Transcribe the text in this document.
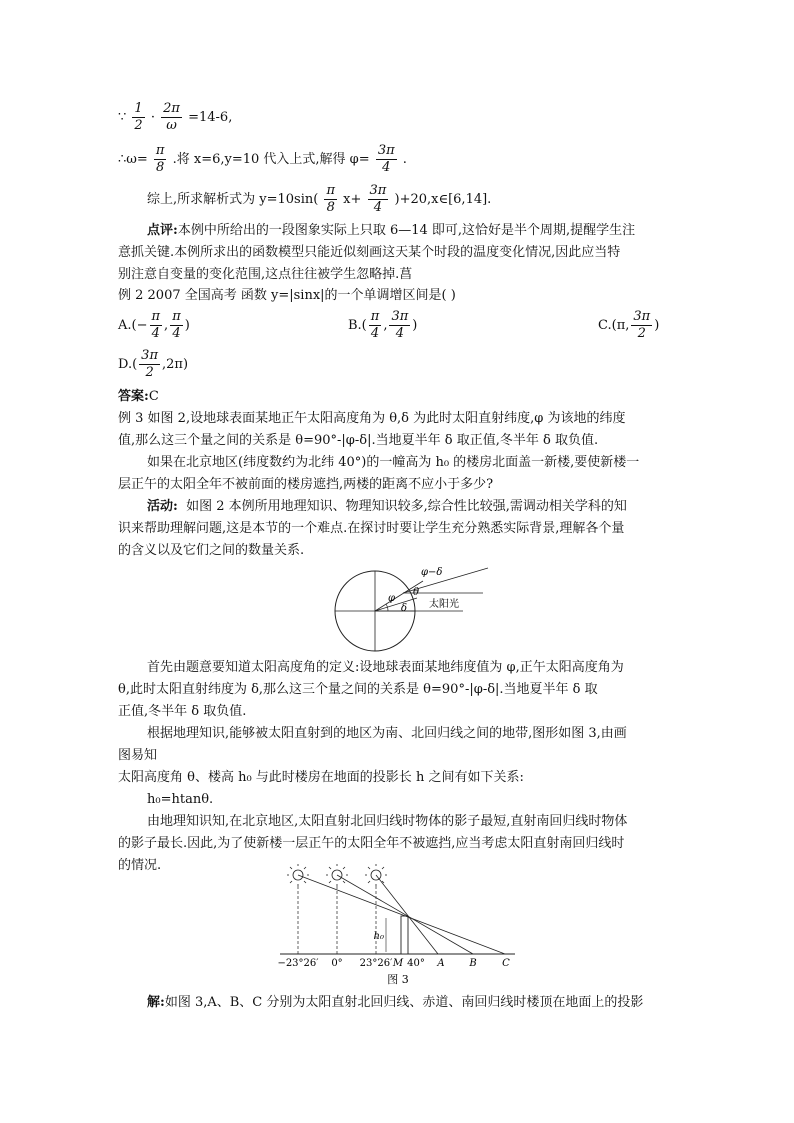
∵ $\frac{1}{2} \cdot \frac{2\pi}{\omega} =14-6$,
∴ω= $\frac{\pi}{8}$ .将 x=6,y=10 代入上式,解得 $\varphi= \frac{3\pi}{4}$ .
综上,所求解析式为 $y=10\sin( \frac{\pi}{8} x+ \frac{3\pi}{4}$ )+20,x∈[6,14].
点评:本例中所给出的一段图象实际上只取 6—14 即可,这恰好是半个周期,提醒学生注
意抓关键.本例所求出的函数模型只能近似刻画这天某个时段的温度变化情况,因此应当特
别注意自变量的变化范围,这点往往被学生忽略掉.菖
例 2 2007 全国高考 函数 y=|sinx|的一个单调增区间是( )
$A.(- \frac{\pi}{4}$ , $\frac{\pi}{4}$ )	$B.( \frac{\pi}{4}$ , $\frac{3\pi}{4}$ )	C.(π, $\frac{3\pi}{2}$ )
$D.( \frac{3\pi}{2} ,2\pi)$
答案:C
例 3 如图 2,设地球表面某地正午太阳高度角为 θ,δ 为此时太阳直射纬度,φ 为该地的纬度
值,那么这三个量之间的关系是 θ=90°-|φ-δ|.当地夏半年 δ 取正值,冬半年 δ 取负值.
如果在北京地区(纬度数约为北纬 40°)的一幢高为 h₀ 的楼房北面盖一新楼,要使新楼一
层正午的太阳全年不被前面的楼房遮挡,两楼的距离不应小于多少?
活动: 如图 2 本例所用地理知识、物理知识较多,综合性比较强,需调动相关学科的知
识来帮助理解问题,这是本节的一个难点.在探讨时要让学生充分熟悉实际背景,理解各个量
的含义以及它们之间的数量关系.
φ−δ
θ
φ
δ 太阳光
首先由题意要知道太阳高度角的定义:设地球表面某地纬度值为 φ,正午太阳高度角为
θ,此时太阳直射纬度为 δ,那么这三个量之间的关系是 θ=90°-|φ-δ|.当地夏半年 δ 取
正值,冬半年 δ 取负值.
根据地理知识,能够被太阳直射到的地区为南、北回归线之间的地带,图形如图 3,由画
图易知
太阳高度角 θ、楼高 h₀ 与此时楼房在地面的投影长 h 之间有如下关系:
h₀=htanθ.
由地理知识知,在北京地区,太阳直射北回归线时物体的影子最短,直射南回归线时物体
的影子最长.因此,为了使新楼一层正午的太阳全年不被遮挡,应当考虑太阳直射南回归线时
的情况.
h₀
−23°26′ 0° 23°26′ M 40° A B	C
图 3
解:如图 3,A、B、C 分别为太阳直射北回归线、赤道、南回归线时楼顶在地面上的投影
